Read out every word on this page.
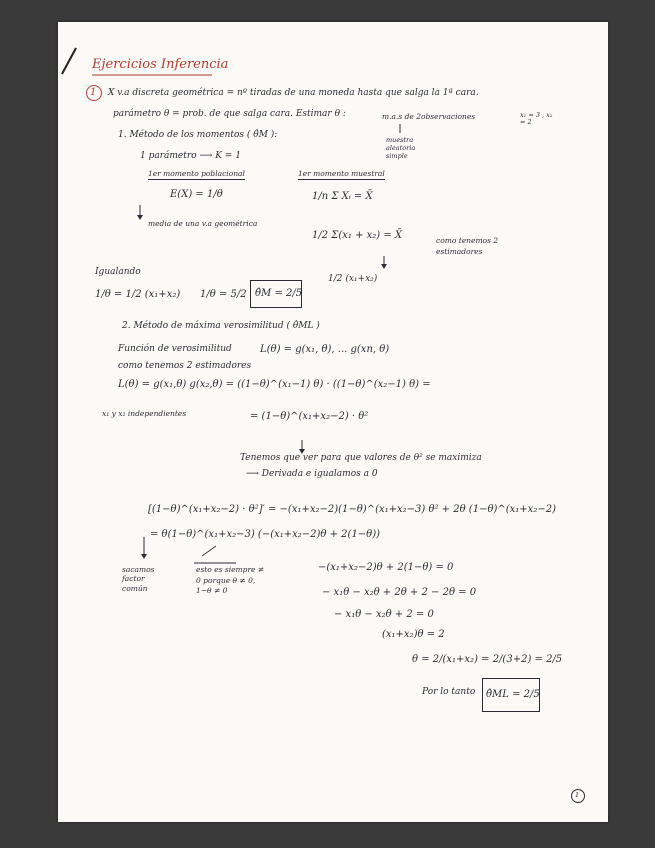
Ejercicios Inferencia
1 X v.a discreta geométrica = nº tiradas de una moneda hasta que salga la 1ª cara.
parámetro θ = prob. de que salga cara. Estimar θ :	m.a.s de 2observaciones	x₁ = 3 , x₂ = 2
muestra aleatoria simple
1. Método de los momentos ( θ̂M ):
1 parámetro ⟶ K = 1
1er momento poblacional
E(X) = 1/θ
media de una v.a geométrica
1er momento muestral
1/n Σ Xᵢ = X̄
1/2 Σ(x₁ + x₂) = X̄	como tenemos 2 estimadores
1/2 (x₁+x₂)
Igualando
1/θ = 1/2 (x₁+x₂) 1/θ = 5/2 θ̂M = 2/5
2. Método de máxima verosimilitud ( θ̂ML )
Función de verosimilitud	L(θ) = g(x₁, θ), ... g(xn, θ)
como tenemos 2 estimadores
L(θ) = g(x₁,θ) g(x₂,θ) = ((1−θ)^(x₁−1) θ) · ((1−θ)^(x₂−1) θ) =
x₁ y x₂ independientes	= (1−θ)^(x₁+x₂−2) · θ²
Tenemos que ver para que valores de θ² se maximiza
⟶ Derivada e igualamos a 0
[(1−θ)^(x₁+x₂−2) · θ²]′ = −(x₁+x₂−2)(1−θ)^(x₁+x₂−3) θ² + 2θ (1−θ)^(x₁+x₂−2)
= θ(1−θ)^(x₁+x₂−3) (−(x₁+x₂−2)θ + 2(1−θ))
sacamos factor común
esto es siempre ≠ 0 porque θ ≠ 0, 1−θ ≠ 0
−(x₁+x₂−2)θ + 2(1−θ) = 0
− x₁θ − x₂θ + 2θ + 2 − 2θ = 0
− x₁θ − x₂θ + 2 = 0
(x₁+x₂)θ = 2
θ = 2/(x₁+x₂) = 2/(3+2) = 2/5
Por lo tanto θ̂ML = 2/5
1
